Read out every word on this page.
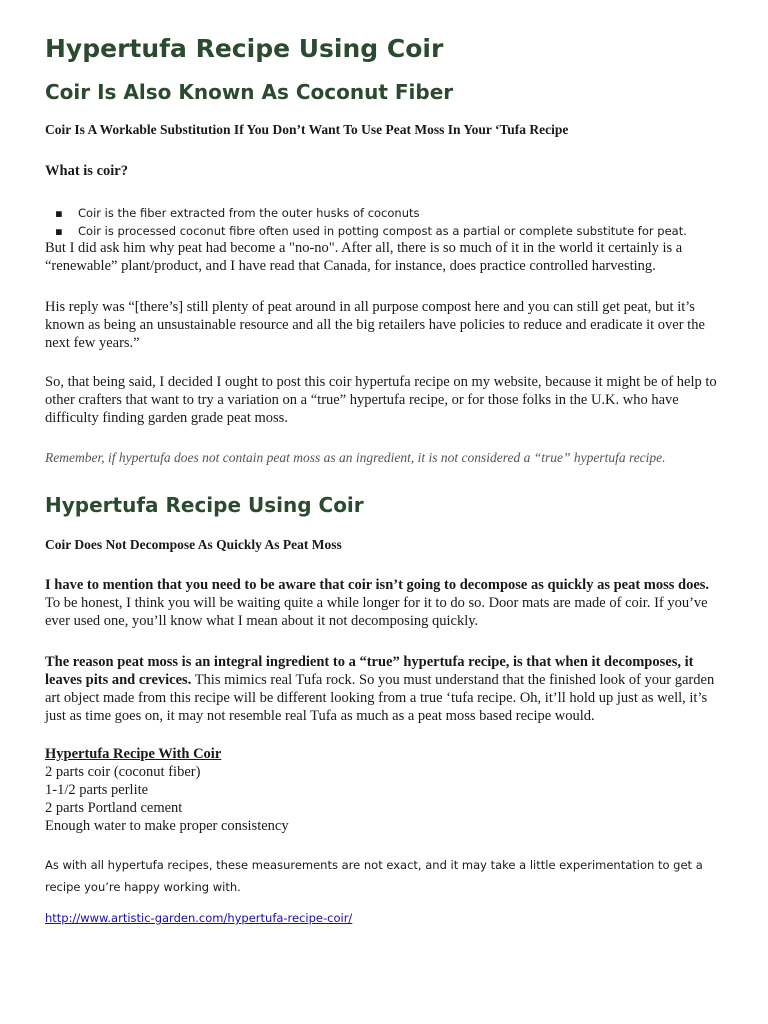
Hypertufa Recipe Using Coir
Coir Is Also Known As Coconut Fiber

Coir Is A Workable Substitution If You Don’t Want To Use Peat Moss In Your ‘Tufa Recipe

What is coir?

▪ Coir is the fiber extracted from the outer husks of coconuts
▪ Coir is processed coconut fibre often used in potting compost as a partial or complete substitute for peat.

But I did ask him why peat had become a "no-no". After all, there is so much of it in the world it certainly is a “renewable” plant/product, and I have read that Canada, for instance, does practice controlled harvesting.

His reply was “[there’s] still plenty of peat around in all purpose compost here and you can still get peat, but it’s known as being an unsustainable resource and all the big retailers have policies to reduce and eradicate it over the next few years.”

So, that being said, I decided I ought to post this coir hypertufa recipe on my website, because it might be of help to other crafters that want to try a variation on a “true” hypertufa recipe, or for those folks in the U.K. who have difficulty finding garden grade peat moss.

Remember, if hypertufa does not contain peat moss as an ingredient, it is not considered a “true” hypertufa recipe.

Hypertufa Recipe Using Coir

Coir Does Not Decompose As Quickly As Peat Moss

I have to mention that you need to be aware that coir isn’t going to decompose as quickly as peat moss does. To be honest, I think you will be waiting quite a while longer for it to do so. Door mats are made of coir. If you’ve ever used one, you’ll know what I mean about it not decomposing quickly.

The reason peat moss is an integral ingredient to a “true” hypertufa recipe, is that when it decomposes, it leaves pits and crevices. This mimics real Tufa rock. So you must understand that the finished look of your garden art object made from this recipe will be different looking from a true ‘tufa recipe. Oh, it’ll hold up just as well, it’s just as time goes on, it may not resemble real Tufa as much as a peat moss based recipe would.

Hypertufa Recipe With Coir
2 parts coir (coconut fiber)
1-1/2 parts perlite
2 parts Portland cement
Enough water to make proper consistency

As with all hypertufa recipes, these measurements are not exact, and it may take a little experimentation to get a recipe you’re happy working with.

http://www.artistic-garden.com/hypertufa-recipe-coir/
